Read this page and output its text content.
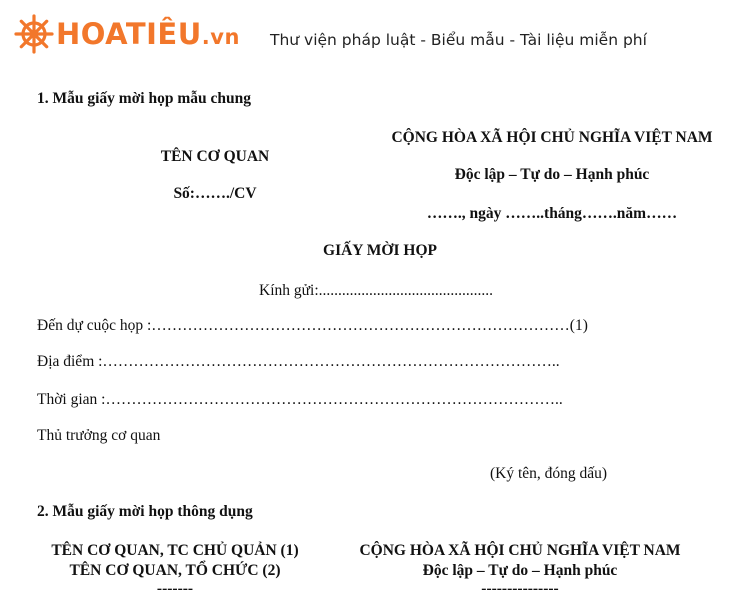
HOATIÊU.vn Thư viện pháp luật - Biểu mẫu - Tài liệu miễn phí
1. Mẫu giấy mời họp mẫu chung
TÊN CƠ QUAN
Số:……./CV
CỘNG HÒA XÃ HỘI CHỦ NGHĨA VIỆT NAM
Độc lập – Tự do – Hạnh phúc
……., ngày ……..tháng…….năm……
GIẤY MỜI HỌP
Kính gửi:.............................................
Đến dự cuộc họp :………………………………………………………………………(1)
Địa điểm :……………………………………………………………………………..
Thời gian :……………………………………………………………………………..
Thủ trưởng cơ quan
(Ký tên, đóng dấu)
2. Mẫu giấy mời họp thông dụng
TÊN CƠ QUAN, TC CHỦ QUẢN (1)
TÊN CƠ QUAN, TỔ CHỨC (2)
-------
CỘNG HÒA XÃ HỘI CHỦ NGHĨA VIỆT NAM
Độc lập – Tự do – Hạnh phúc
---------------
